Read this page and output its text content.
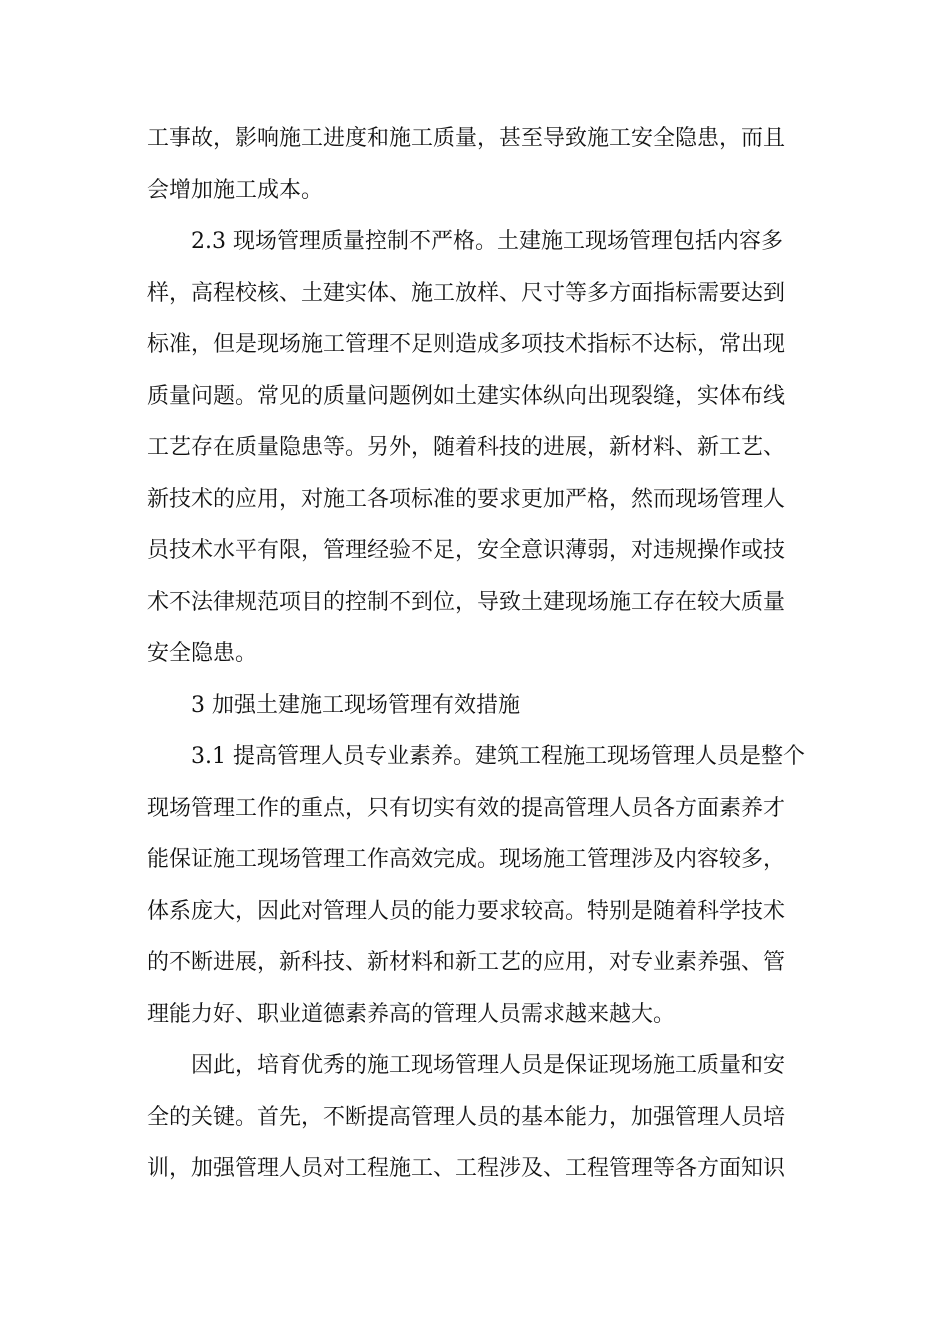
工事故，影响施工进度和施工质量，甚至导致施工安全隐患，而且
会增加施工成本。

2.3 现场管理质量控制不严格。土建施工现场管理包括内容多
样，高程校核、土建实体、施工放样、尺寸等多方面指标需要达到
标准，但是现场施工管理不足则造成多项技术指标不达标，常出现
质量问题。常见的质量问题例如土建实体纵向出现裂缝，实体布线
工艺存在质量隐患等。另外，随着科技的进展，新材料、新工艺、
新技术的应用，对施工各项标准的要求更加严格，然而现场管理人
员技术水平有限，管理经验不足，安全意识薄弱，对违规操作或技
术不法律规范项目的控制不到位，导致土建现场施工存在较大质量
安全隐患。

3 加强土建施工现场管理有效措施

3.1 提高管理人员专业素养。建筑工程施工现场管理人员是整个
现场管理工作的重点，只有切实有效的提高管理人员各方面素养才
能保证施工现场管理工作高效完成。现场施工管理涉及内容较多，
体系庞大，因此对管理人员的能力要求较高。特别是随着科学技术
的不断进展，新科技、新材料和新工艺的应用，对专业素养强、管
理能力好、职业道德素养高的管理人员需求越来越大。

因此，培育优秀的施工现场管理人员是保证现场施工质量和安
全的关键。首先，不断提高管理人员的基本能力，加强管理人员培
训，加强管理人员对工程施工、工程涉及、工程管理等各方面知识
